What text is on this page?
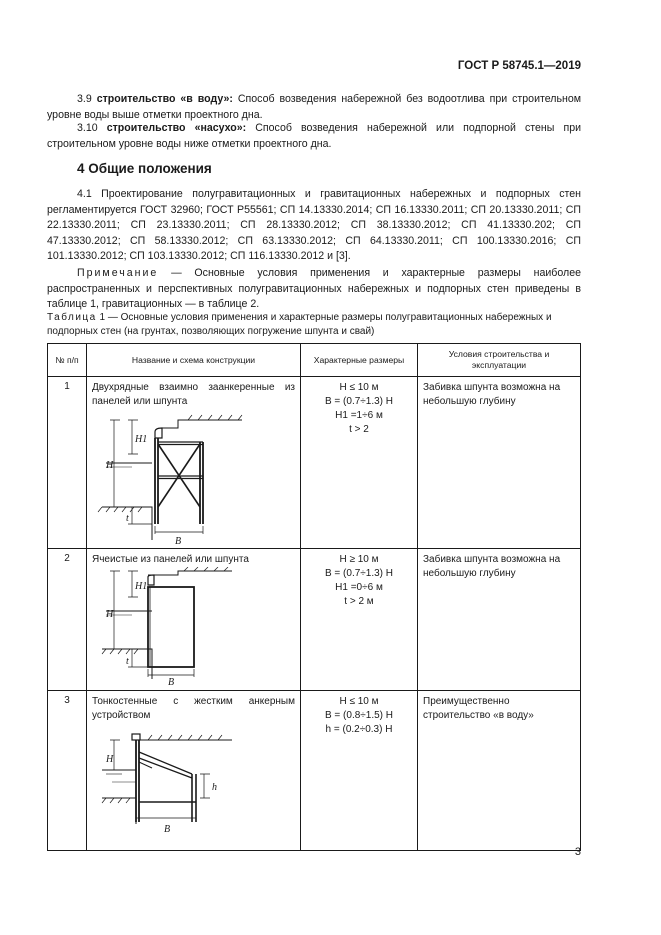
ГОСТ Р 58745.1—2019
3.9 строительство «в воду»: Способ возведения набережной без водоотлива при строительном уровне воды выше отметки проектного дна.
3.10 строительство «насухо»: Способ возведения набережной или подпорной стены при строительном уровне воды ниже отметки проектного дна.
4 Общие положения
4.1 Проектирование полугравитационных и гравитационных набережных и подпорных стен регламентируется ГОСТ 32960; ГОСТ Р55561; СП 14.13330.2014; СП 16.13330.2011; СП 20.13330.2011; СП 22.13330.2011; СП 23.13330.2011; СП 28.13330.2012; СП 38.13330.2012; СП 41.13330.202; СП 47.13330.2012; СП 58.13330.2012; СП 63.13330.2012; СП 64.13330.2011; СП 100.13330.2016; СП 101.13330.2012; СП 103.13330.2012; СП 116.13330.2012 и [3].
Примечание — Основные условия применения и характерные размеры наиболее распространенных и перспективных полугравитационных набережных и подпорных стен приведены в таблице 1, гравитационных — в таблице 2.
Таблица 1 — Основные условия применения и характерные размеры полугравитационных набережных и подпорных стен (на грунтах, позволяющих погружение шпунта и свай)
№ п/п	Название и схема конструкции	Характерные размеры	Условия строительства и эксплуатации
1	Двухрядные взаимно заанкеренные из панелей или шпунта
H
H1
t
B	H ≤ 10 м
B = (0.7÷1.3) H
H1 =1÷6 м
t > 2	Забивка шпунта возможна на небольшую глубину
2	Ячеистые из панелей или шпунта
H
H1
t
B	H ≥ 10 м
B = (0.7÷1.3) H
H1 =0÷6 м
t > 2 м	Забивка шпунта возможна на небольшую глубину
3	Тонкостенные с жестким анкерным устройством
H
h
B	H ≤ 10 м
B = (0.8÷1.5) H
h = (0.2÷0.3) H	Преимущественно строительство «в воду»
3
